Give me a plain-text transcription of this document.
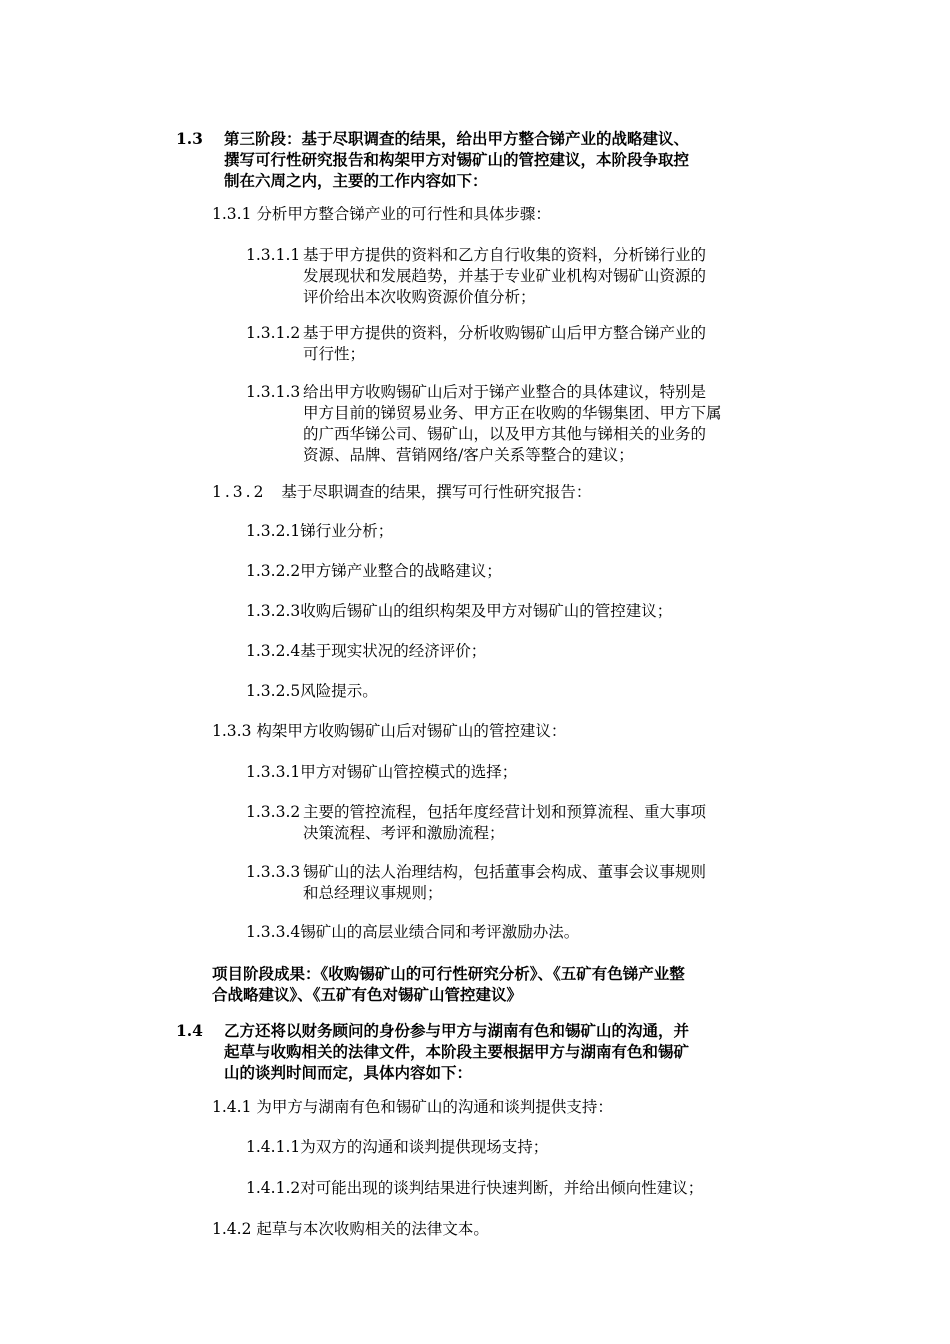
1.3 第三阶段：基于尽职调查的结果，给出甲方整合锑产业的战略建议、
撰写可行性研究报告和构架甲方对锡矿山的管控建议，本阶段争取控
制在六周之内，主要的工作内容如下：
1.3.1 分析甲方整合锑产业的可行性和具体步骤：
1.3.1.1 基于甲方提供的资料和乙方自行收集的资料，分析锑行业的
发展现状和发展趋势，并基于专业矿业机构对锡矿山资源的
评价给出本次收购资源价值分析；
1.3.1.2 基于甲方提供的资料，分析收购锡矿山后甲方整合锑产业的
可行性；
1.3.1.3 给出甲方收购锡矿山后对于锑产业整合的具体建议，特别是
甲方目前的锑贸易业务、甲方正在收购的华锡集团、甲方下属
的广西华锑公司、锡矿山，以及甲方其他与锑相关的业务的
资源、品牌、营销网络/客户关系等整合的建议；
1.3.2 基于尽职调查的结果，撰写可行性研究报告：
1.3.2.1锑行业分析；
1.3.2.2甲方锑产业整合的战略建议；
1.3.2.3收购后锡矿山的组织构架及甲方对锡矿山的管控建议；
1.3.2.4基于现实状况的经济评价；
1.3.2.5风险提示。
1.3.3 构架甲方收购锡矿山后对锡矿山的管控建议：
1.3.3.1甲方对锡矿山管控模式的选择；
1.3.3.2 主要的管控流程，包括年度经营计划和预算流程、重大事项
决策流程、考评和激励流程；
1.3.3.3 锡矿山的法人治理结构，包括董事会构成、董事会议事规则
和总经理议事规则；
1.3.3.4锡矿山的高层业绩合同和考评激励办法。
项目阶段成果：《收购锡矿山的可行性研究分析》、《五矿有色锑产业整
合战略建议》、《五矿有色对锡矿山管控建议》
1.4 乙方还将以财务顾问的身份参与甲方与湖南有色和锡矿山的沟通，并
起草与收购相关的法律文件，本阶段主要根据甲方与湖南有色和锡矿
山的谈判时间而定，具体内容如下：
1.4.1 为甲方与湖南有色和锡矿山的沟通和谈判提供支持：
1.4.1.1为双方的沟通和谈判提供现场支持；
1.4.1.2对可能出现的谈判结果进行快速判断，并给出倾向性建议；
1.4.2 起草与本次收购相关的法律文本。
